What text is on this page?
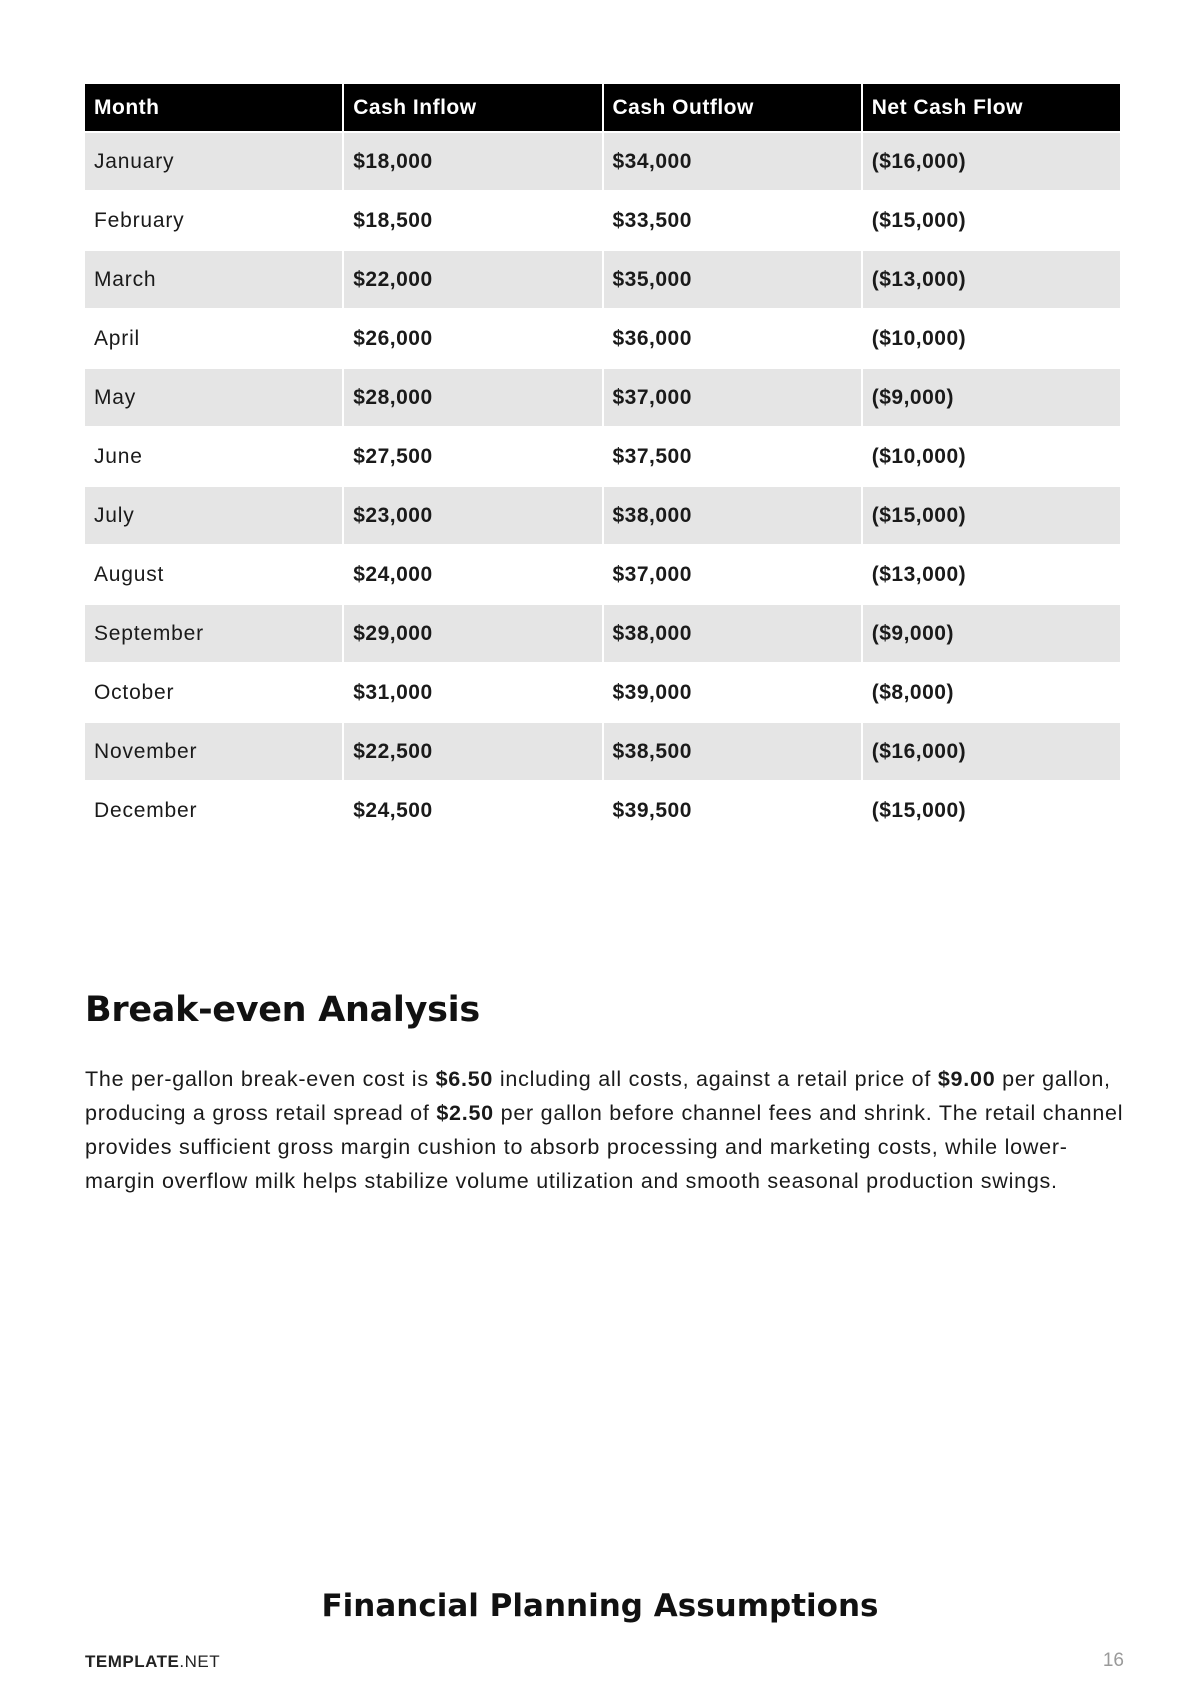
Month	Cash Inflow	Cash Outflow	Net Cash Flow
January	$18,000	$34,000	($16,000)
February	$18,500	$33,500	($15,000)
March	$22,000	$35,000	($13,000)
April	$26,000	$36,000	($10,000)
May	$28,000	$37,000	($9,000)
June	$27,500	$37,500	($10,000)
July	$23,000	$38,000	($15,000)
August	$24,000	$37,000	($13,000)
September	$29,000	$38,000	($9,000)
October	$31,000	$39,000	($8,000)
November	$22,500	$38,500	($16,000)
December	$24,500	$39,500	($15,000)
Break-even Analysis

The per-gallon break-even cost is $6.50 including all costs, against a retail price of $9.00 per gallon, producing a gross retail spread of $2.50 per gallon before channel fees and shrink. The retail channel provides sufficient gross margin cushion to absorb processing and marketing costs, while lower-margin overflow milk helps stabilize volume utilization and smooth seasonal production swings.

Financial Planning Assumptions
TEMPLATE.NET	16
